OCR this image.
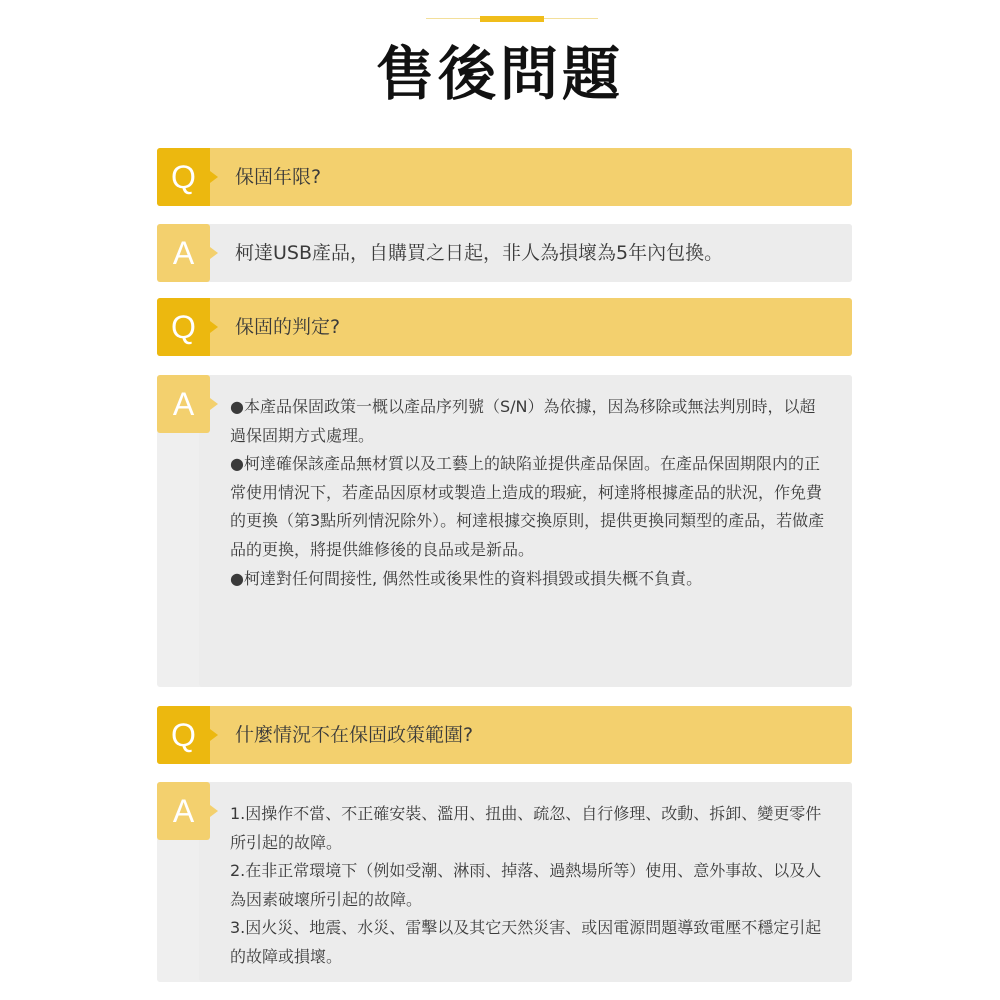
售後問題
Q	保固年限?
A	柯達USB產品，自購買之日起，非人為損壞為5年內包換。
Q	保固的判定?
A	●本產品保固政策一概以產品序列號（S/N）為依據，因為移除或無法判別時，以超過保固期方式處理。

●柯達確保該產品無材質以及工藝上的缺陷並提供產品保固。在產品保固期限内的正常使用情況下，若產品因原材或製造上造成的瑕疵，柯達將根據產品的狀況，作免費的更換（第3點所列情況除外）。柯達根據交換原則，提供更換同類型的產品，若做產品的更換，將提供維修後的良品或是新品。

●柯達對任何間接性, 偶然性或後果性的資料損毀或損失概不負責。

Q	什麼情況不在保固政策範圍?
A	1.因操作不當、不正確安裝、濫用、扭曲、疏忽、自行修理、改動、拆卸、變更零件所引起的故障。

2.在非正常環境下（例如受潮、淋雨、掉落、過熱場所等）使用、意外事故、以及人為因素破壞所引起的故障。

3.因火災、地震、水災、雷擊以及其它天然災害、或因電源問題導致電壓不穩定引起的故障或損壞。
